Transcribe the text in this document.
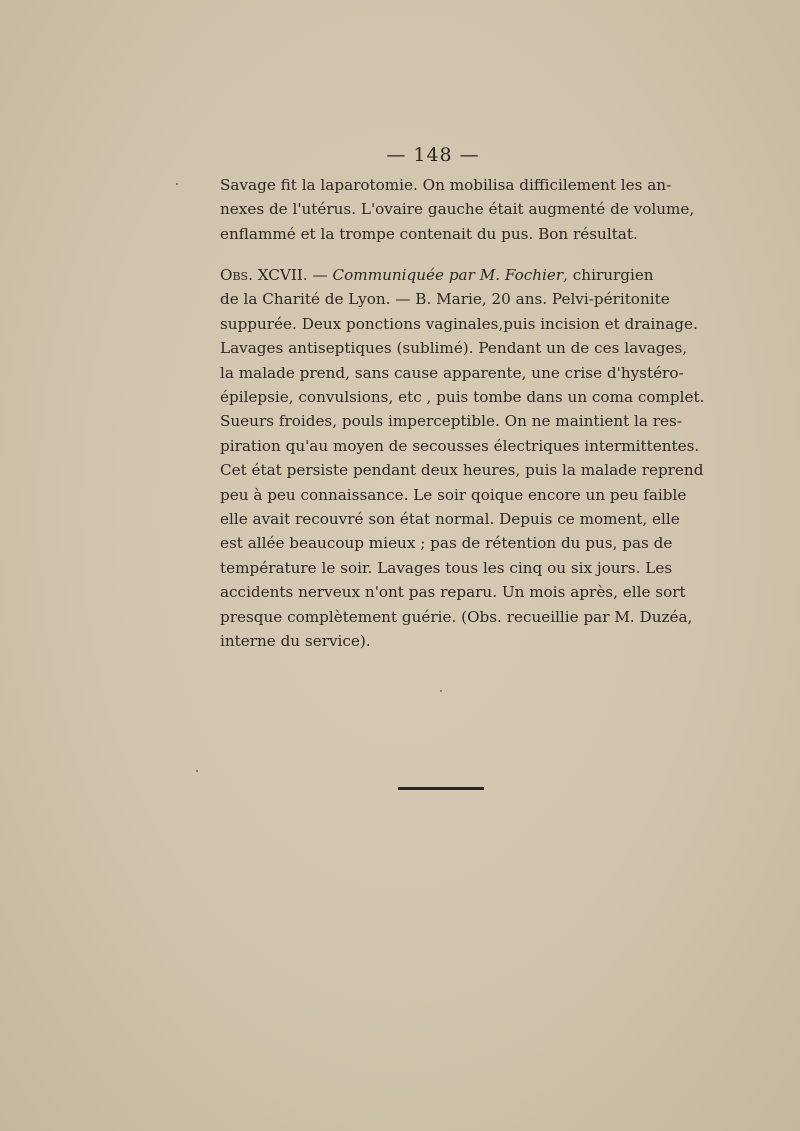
— 148 —
Savage fit la laparotomie. On mobilisa difficilement les an-
nexes de l'utérus. L'ovaire gauche était augmenté de volume,
enflammé et la trompe contenait du pus. Bon résultat.
Obs. XCVII. — Communiquée par M. Fochier, chirurgien
de la Charité de Lyon. — B. Marie, 20 ans. Pelvi-péritonite
suppurée. Deux ponctions vaginales,puis incision et drainage.
Lavages antiseptiques (sublimé). Pendant un de ces lavages,
la malade prend, sans cause apparente, une crise d'hystéro-
épilepsie, convulsions, etc , puis tombe dans un coma complet.
Sueurs froides, pouls imperceptible. On ne maintient la res-
piration qu'au moyen de secousses électriques intermittentes.
Cet état persiste pendant deux heures, puis la malade reprend
peu à peu connaissance. Le soir qoique encore un peu faible
elle avait recouvré son état normal. Depuis ce moment, elle
est allée beaucoup mieux ; pas de rétention du pus, pas de
température le soir. Lavages tous les cinq ou six jours. Les
accidents nerveux n'ont pas reparu. Un mois après, elle sort
presque complètement guérie. (Obs. recueillie par M. Duzéa,
interne du service).
